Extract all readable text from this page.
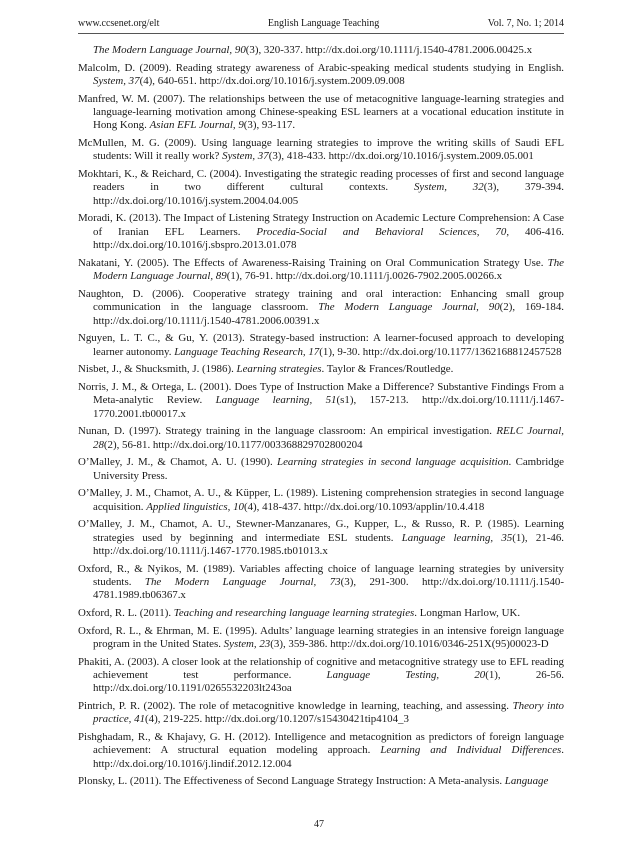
www.ccsenet.org/elt	English Language Teaching	Vol. 7, No. 1; 2014

The Modern Language Journal, 90(3), 320-337. http://dx.doi.org/10.1111/j.1540-4781.2006.00425.x

Malcolm, D. (2009). Reading strategy awareness of Arabic-speaking medical students studying in English. System, 37(4), 640-651. http://dx.doi.org/10.1016/j.system.2009.09.008

Manfred, W. M. (2007). The relationships between the use of metacognitive language-learning strategies and language-learning motivation among Chinese-speaking ESL learners at a vocational education institute in Hong Kong. Asian EFL Journal, 9(3), 93-117.

McMullen, M. G. (2009). Using language learning strategies to improve the writing skills of Saudi EFL students: Will it really work? System, 37(3), 418-433. http://dx.doi.org/10.1016/j.system.2009.05.001

Mokhtari, K., & Reichard, C. (2004). Investigating the strategic reading processes of first and second language readers in two different cultural contexts. System, 32(3), 379-394. http://dx.doi.org/10.1016/j.system.2004.04.005

Moradi, K. (2013). The Impact of Listening Strategy Instruction on Academic Lecture Comprehension: A Case of Iranian EFL Learners. Procedia-Social and Behavioral Sciences, 70, 406-416. http://dx.doi.org/10.1016/j.sbspro.2013.01.078

Nakatani, Y. (2005). The Effects of Awareness-Raising Training on Oral Communication Strategy Use. The Modern Language Journal, 89(1), 76-91. http://dx.doi.org/10.1111/j.0026-7902.2005.00266.x

Naughton, D. (2006). Cooperative strategy training and oral interaction: Enhancing small group communication in the language classroom. The Modern Language Journal, 90(2), 169-184. http://dx.doi.org/10.1111/j.1540-4781.2006.00391.x

Nguyen, L. T. C., & Gu, Y. (2013). Strategy-based instruction: A learner-focused approach to developing learner autonomy. Language Teaching Research, 17(1), 9-30. http://dx.doi.org/10.1177/1362168812457528

Nisbet, J., & Shucksmith, J. (1986). Learning strategies. Taylor & Frances/Routledge.

Norris, J. M., & Ortega, L. (2001). Does Type of Instruction Make a Difference? Substantive Findings From a Meta-analytic Review. Language learning, 51(s1), 157-213. http://dx.doi.org/10.1111/j.1467-1770.2001.tb00017.x

Nunan, D. (1997). Strategy training in the language classroom: An empirical investigation. RELC Journal, 28(2), 56-81. http://dx.doi.org/10.1177/003368829702800204

O’Malley, J. M., & Chamot, A. U. (1990). Learning strategies in second language acquisition. Cambridge University Press.

O’Malley, J. M., Chamot, A. U., & Küpper, L. (1989). Listening comprehension strategies in second language acquisition. Applied linguistics, 10(4), 418-437. http://dx.doi.org/10.1093/applin/10.4.418

O’Malley, J. M., Chamot, A. U., Stewner-Manzanares, G., Kupper, L., & Russo, R. P. (1985). Learning strategies used by beginning and intermediate ESL students. Language learning, 35(1), 21-46. http://dx.doi.org/10.1111/j.1467-1770.1985.tb01013.x

Oxford, R., & Nyikos, M. (1989). Variables affecting choice of language learning strategies by university students. The Modern Language Journal, 73(3), 291-300. http://dx.doi.org/10.1111/j.1540-4781.1989.tb06367.x

Oxford, R. L. (2011). Teaching and researching language learning strategies. Longman Harlow, UK.

Oxford, R. L., & Ehrman, M. E. (1995). Adults’ language learning strategies in an intensive foreign language program in the United States. System, 23(3), 359-386. http://dx.doi.org/10.1016/0346-251X(95)00023-D

Phakiti, A. (2003). A closer look at the relationship of cognitive and metacognitive strategy use to EFL reading achievement test performance. Language Testing, 20(1), 26-56. http://dx.doi.org/10.1191/0265532203lt243oa

Pintrich, P. R. (2002). The role of metacognitive knowledge in learning, teaching, and assessing. Theory into practice, 41(4), 219-225. http://dx.doi.org/10.1207/s15430421tip4104_3

Pishghadam, R., & Khajavy, G. H. (2012). Intelligence and metacognition as predictors of foreign language achievement: A structural equation modeling approach. Learning and Individual Differences. http://dx.doi.org/10.1016/j.lindif.2012.12.004

Plonsky, L. (2011). The Effectiveness of Second Language Strategy Instruction: A Meta-analysis. Language

47
